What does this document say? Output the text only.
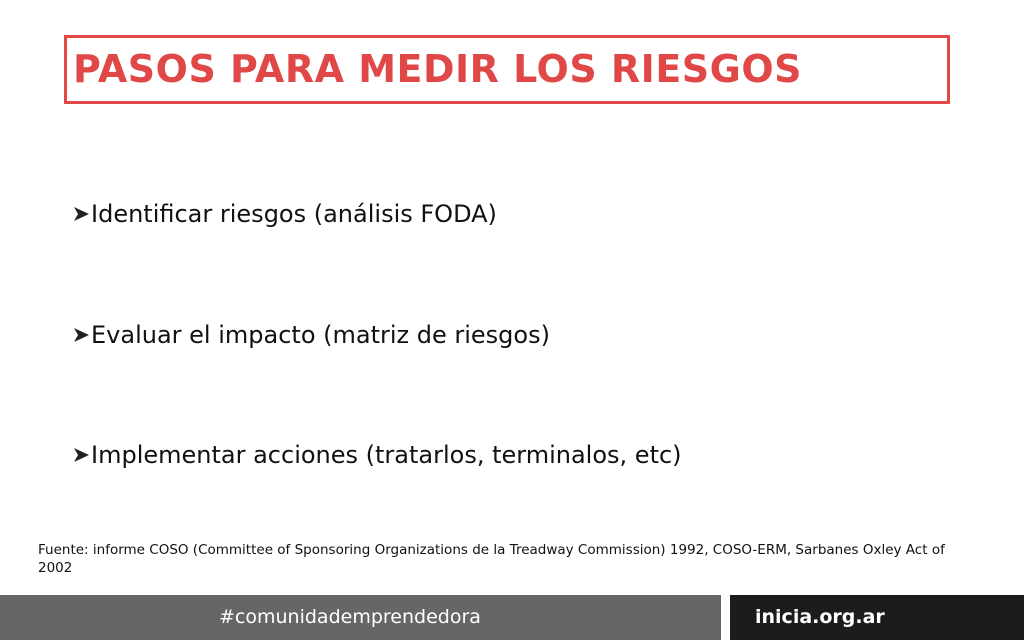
PASOS PARA MEDIR LOS RIESGOS
Identificar riesgos (análisis FODA)
Evaluar el impacto (matriz de riesgos)
Implementar acciones (tratarlos, terminalos, etc)
Fuente: informe COSO (Committee of Sponsoring Organizations de la Treadway Commission) 1992, COSO-ERM, Sarbanes Oxley Act of 2002
#comunidademprendedora	inicia.org.ar
